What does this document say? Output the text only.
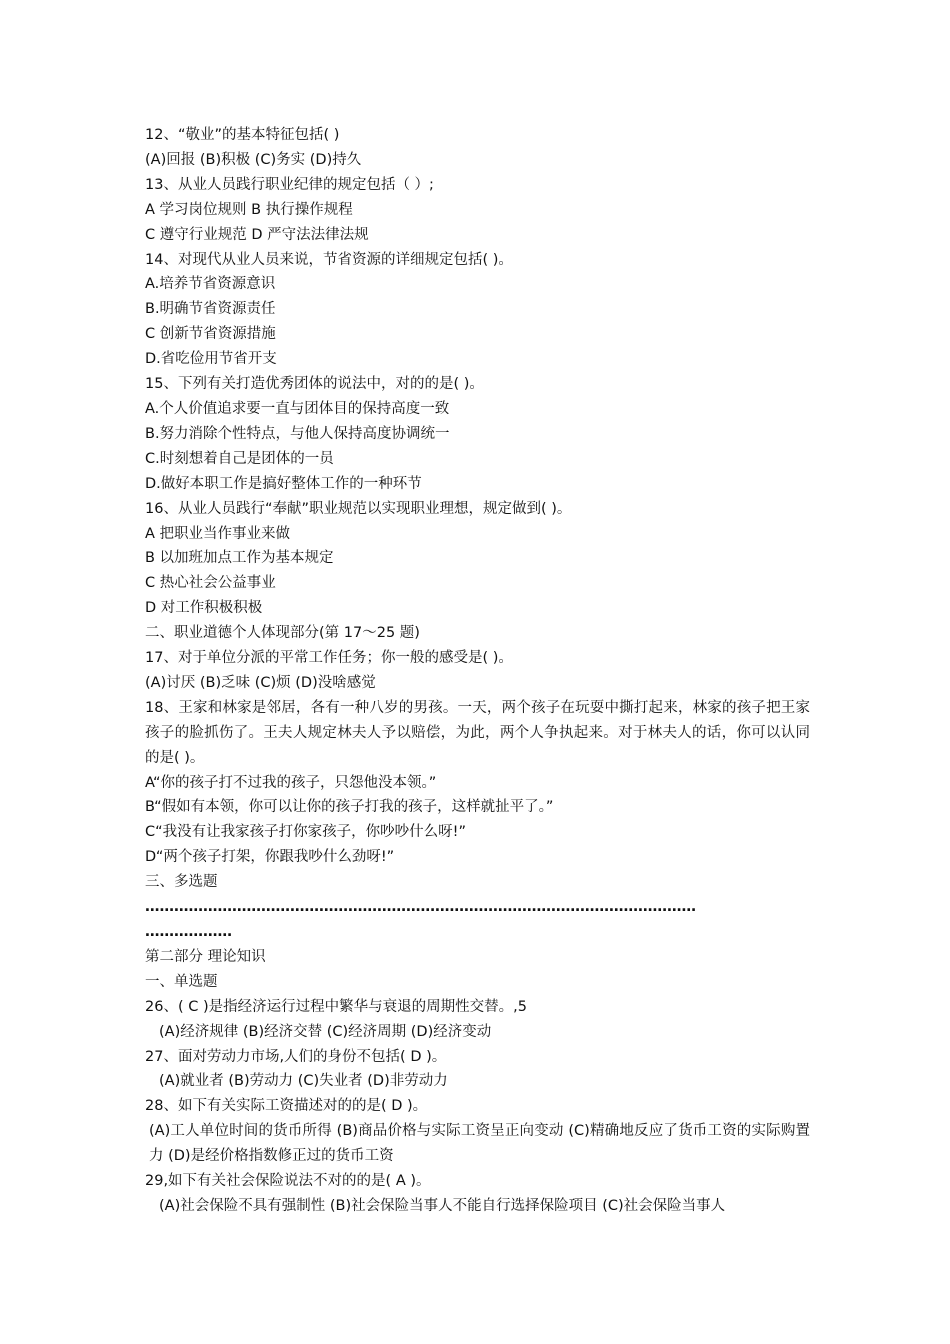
12、“敬业”的基本特征包括( )
(A)回报 (B)积极 (C)务实 (D)持久
13、从业人员践行职业纪律的规定包括（ ）;
A 学习岗位规则 B 执行操作规程
C 遵守行业规范 D 严守法法律法规
14、对现代从业人员来说，节省资源的详细规定包括( )。
A.培养节省资源意识
B.明确节省资源责任
C 创新节省资源措施
D.省吃俭用节省开支
15、下列有关打造优秀团体的说法中，对的的是( )。
A.个人价值追求要一直与团体目的保持高度一致
B.努力消除个性特点，与他人保持高度协调统一
C.时刻想着自己是团体的一员
D.做好本职工作是搞好整体工作的一种环节
16、从业人员践行“奉献”职业规范以实现职业理想，规定做到( )。
A 把职业当作事业来做
B 以加班加点工作为基本规定
C 热心社会公益事业
D 对工作积极积极
二、职业道德个人体现部分(第 17～25 题)
17、对于单位分派的平常工作任务；你一般的感受是( )。
(A)讨厌 (B)乏味 (C)烦 (D)没啥感觉
18、王家和林家是邻居，各有一种八岁的男孩。一天，两个孩子在玩耍中撕打起来，林家的孩子把王家孩子的脸抓伤了。王夫人规定林夫人予以赔偿，为此，两个人争执起来。对于林夫人的话，你可以认同的是( )。
A“你的孩子打不过我的孩子，只怨他没本领。”
B“假如有本领，你可以让你的孩子打我的孩子，这样就扯平了。”
C“我没有让我家孩子打你家孩子，你吵吵什么呀!”
D“两个孩子打架，你跟我吵什么劲呀!”
三、多选题
……………………………………………………………………………………………………
………………
第二部分 理论知识
一、单选题
26、( C )是指经济运行过程中繁华与衰退的周期性交替。,5
(A)经济规律 (B)经济交替 (C)经济周期 (D)经济变动
27、面对劳动力市场,人们的身份不包括( D )。
(A)就业者 (B)劳动力 (C)失业者 (D)非劳动力
28、如下有关实际工资描述对的的是( D )。
(A)工人单位时间的货币所得 (B)商品价格与实际工资呈正向变动 (C)精确地反应了货币工资的实际购置力 (D)是经价格指数修正过的货币工资
29,如下有关社会保险说法不对的的是( A )。
(A)社会保险不具有强制性 (B)社会保险当事人不能自行选择保险项目 (C)社会保险当事人
